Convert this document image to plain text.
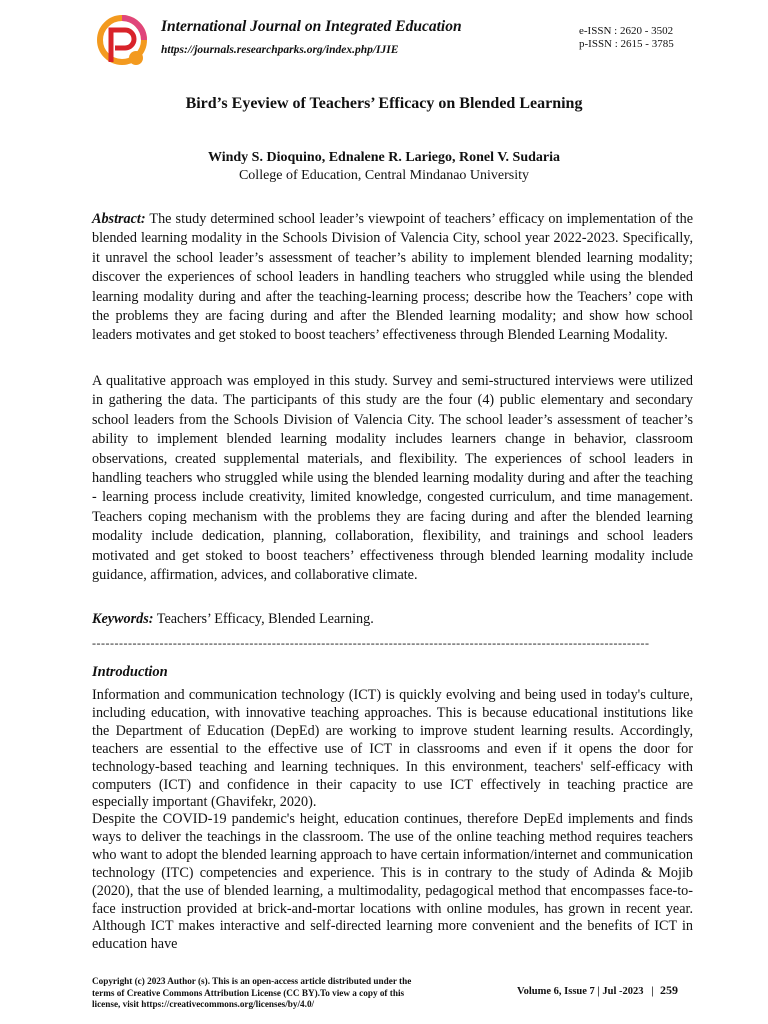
International Journal on Integrated Education
https://journals.researchparks.org/index.php/IJIE
e-ISSN : 2620 - 3502
p-ISSN : 2615 - 3785
Bird’s Eyeview of Teachers’ Efficacy on Blended Learning
Windy S. Dioquino, Ednalene R. Lariego, Ronel V. Sudaria
College of Education, Central Mindanao University

Abstract: The study determined school leader’s viewpoint of teachers’ efficacy on implementation of the blended learning modality in the Schools Division of Valencia City, school year 2022-2023. Specifically, it unravel the school leader’s assessment of teacher’s ability to implement blended learning modality; discover the experiences of school leaders in handling teachers who struggled while using the blended learning modality during and after the teaching-learning process; describe how the Teachers’ cope with the problems they are facing during and after the Blended learning modality; and show how school leaders motivates and get stoked to boost teachers’ effectiveness through Blended Learning Modality.

A qualitative approach was employed in this study. Survey and semi-structured interviews were utilized in gathering the data. The participants of this study are the four (4) public elementary and secondary school leaders from the Schools Division of Valencia City. The school leader’s assessment of teacher’s ability to implement blended learning modality includes learners change in behavior, classroom observations, created supplemental materials, and flexibility. The experiences of school leaders in handling teachers who struggled while using the blended learning modality during and after the teaching - learning process include creativity, limited knowledge, congested curriculum, and time management. Teachers coping mechanism with the problems they are facing during and after the blended learning modality include dedication, planning, collaboration, flexibility, and trainings and school leaders motivated and get stoked to boost teachers’ effectiveness through blended learning modality include guidance, affirmation, advices, and collaborative climate.

Keywords: Teachers’ Efficacy, Blended Learning.

----------------------------------------------------------------------------------------------------------------------------
Introduction

Information and communication technology (ICT) is quickly evolving and being used in today's culture, including education, with innovative teaching approaches. This is because educational institutions like the Department of Education (DepEd) are working to improve student learning results. Accordingly, teachers are essential to the effective use of ICT in classrooms and even if it opens the door for technology-based teaching and learning techniques. In this environment, teachers' self-efficacy with computers (ICT) and confidence in their capacity to use ICT effectively in teaching practice are especially important (Ghavifekr, 2020).

Despite the COVID-19 pandemic's height, education continues, therefore DepEd implements and finds ways to deliver the teachings in the classroom. The use of the online teaching method requires teachers who want to adopt the blended learning approach to have certain information/internet and communication technology (ITC) competencies and experience. This is in contrary to the study of Adinda & Mojib (2020), that the use of blended learning, a multimodality, pedagogical method that encompasses face-to-face instruction provided at brick-and-mortar locations with online modules, has grown in recent year. Although ICT makes interactive and self-directed learning more convenient and the benefits of ICT in education have

Copyright (c) 2023 Author (s). This is an open-access article distributed under the
terms of Creative Commons Attribution License (CC BY).To view a copy of this
license, visit https://creativecommons.org/licenses/by/4.0/
Volume 6, Issue 7 | Jul -2023 | 259
